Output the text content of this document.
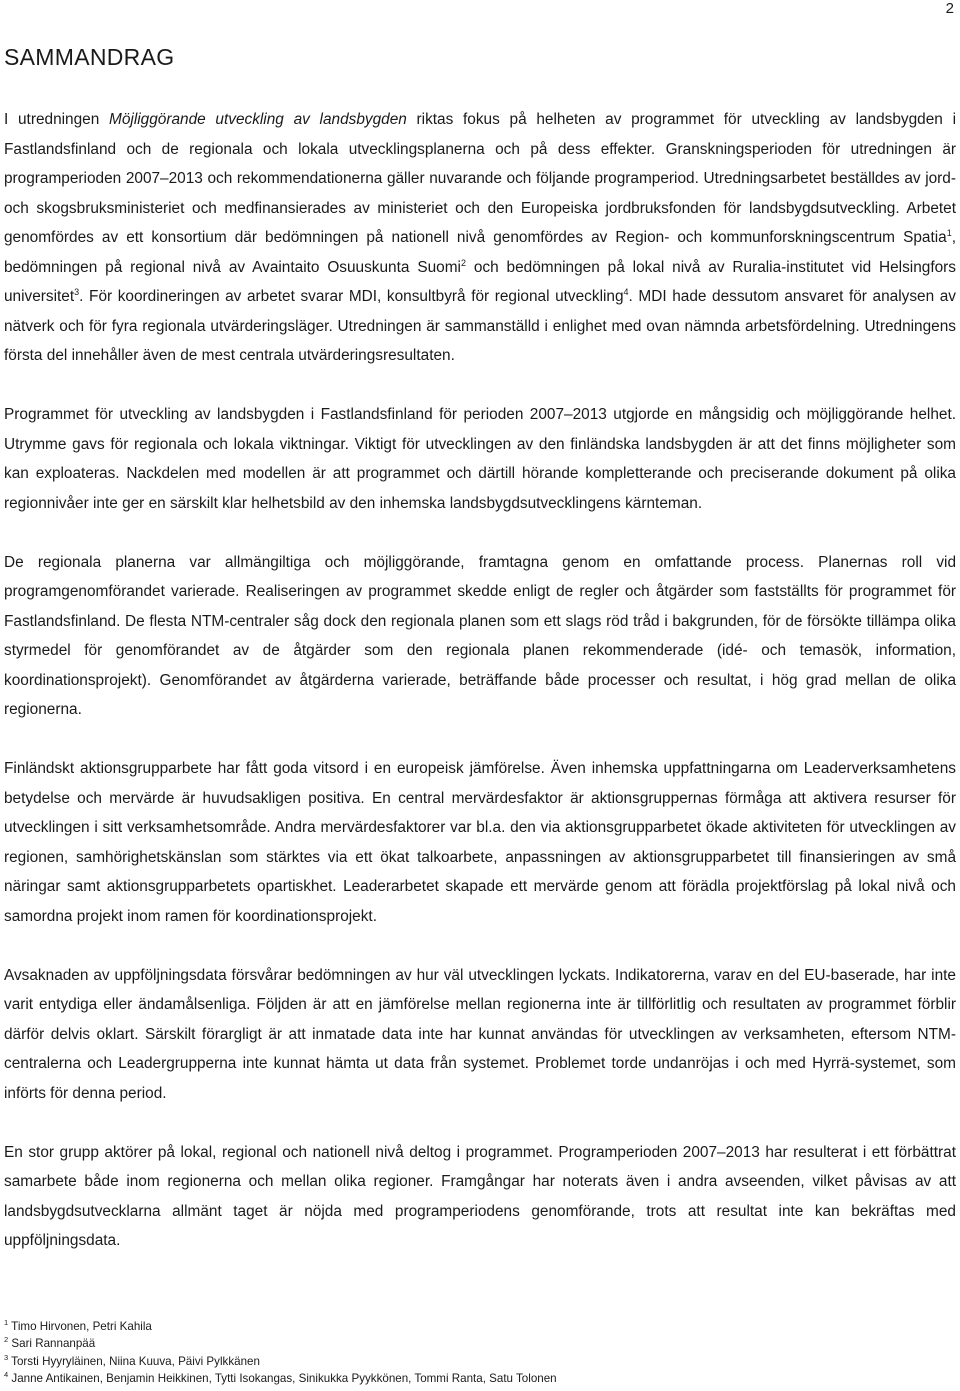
2
SAMMANDRAG

I utredningen Möjliggörande utveckling av landsbygden riktas fokus på helheten av programmet för utveckling av landsbygden i Fastlandsfinland och de regionala och lokala utvecklingsplanerna och på dess effekter. Granskningsperioden för utredningen är programperioden 2007–2013 och rekommendationerna gäller nuvarande och följande programperiod. Utredningsarbetet beställdes av jord- och skogsbruksministeriet och medfinansierades av ministeriet och den Europeiska jordbruksfonden för landsbygdsutveckling. Arbetet genomfördes av ett konsortium där bedömningen på nationell nivå genomfördes av Region- och kommunforskningscentrum Spatia$^1$, bedömningen på regional nivå av Avaintaito Osuuskunta Suomi$^2$ och bedömningen på lokal nivå av Ruralia-institutet vid Helsingfors universitet$^3$. För koordineringen av arbetet svarar MDI, konsultbyrå för regional utveckling$^4$. MDI hade dessutom ansvaret för analysen av nätverk och för fyra regionala utvärderingsläger. Utredningen är sammanställd i enlighet med ovan nämnda arbetsfördelning. Utredningens första del innehåller även de mest centrala utvärderingsresultaten.

Programmet för utveckling av landsbygden i Fastlandsfinland för perioden 2007–2013 utgjorde en mångsidig och möjliggörande helhet. Utrymme gavs för regionala och lokala viktningar. Viktigt för utvecklingen av den finländska landsbygden är att det finns möjligheter som kan exploateras. Nackdelen med modellen är att programmet och därtill hörande kompletterande och preciserande dokument på olika regionnivåer inte ger en särskilt klar helhetsbild av den inhemska landsbygdsutvecklingens kärnteman.

De regionala planerna var allmängiltiga och möjliggörande, framtagna genom en omfattande process. Planernas roll vid programgenomförandet varierade. Realiseringen av programmet skedde enligt de regler och åtgärder som fastställts för programmet för Fastlandsfinland. De flesta NTM-centraler såg dock den regionala planen som ett slags röd tråd i bakgrunden, för de försökte tillämpa olika styrmedel för genomförandet av de åtgärder som den regionala planen rekommenderade (idé- och temasök, information, koordinationsprojekt). Genomförandet av åtgärderna varierade, beträffande både processer och resultat, i hög grad mellan de olika regionerna.

Finländskt aktionsgrupparbete har fått goda vitsord i en europeisk jämförelse. Även inhemska uppfattningarna om Leaderverksamhetens betydelse och mervärde är huvudsakligen positiva. En central mervärdesfaktor är aktionsgruppernas förmåga att aktivera resurser för utvecklingen i sitt verksamhetsområde. Andra mervärdesfaktorer var bl.a. den via aktionsgrupparbetet ökade aktiviteten för utvecklingen av regionen, samhörighetskänslan som stärktes via ett ökat talkoarbete, anpassningen av aktionsgrupparbetet till finansieringen av små näringar samt aktionsgrupparbetets opartiskhet. Leaderarbetet skapade ett mervärde genom att förädla projektförslag på lokal nivå och samordna projekt inom ramen för koordinationsprojekt.

Avsaknaden av uppföljningsdata försvårar bedömningen av hur väl utvecklingen lyckats. Indikatorerna, varav en del EU-baserade, har inte varit entydiga eller ändamålsenliga. Följden är att en jämförelse mellan regionerna inte är tillförlitlig och resultaten av programmet förblir därför delvis oklart. Särskilt förargligt är att inmatade data inte har kunnat användas för utvecklingen av verksamheten, eftersom NTM-centralerna och Leadergrupperna inte kunnat hämta ut data från systemet. Problemet torde undanröjas i och med Hyrrä-systemet, som införts för denna period.

En stor grupp aktörer på lokal, regional och nationell nivå deltog i programmet. Programperioden 2007–2013 har resulterat i ett förbättrat samarbete både inom regionerna och mellan olika regioner. Framgångar har noterats även i andra avseenden, vilket påvisas av att landsbygdsutvecklarna allmänt taget är nöjda med programperiodens genomförande, trots att resultat inte kan bekräftas med uppföljningsdata.

$^1$ Timo Hirvonen, Petri Kahila

$^2$ Sari Rannanpää

$^3$ Torsti Hyyryläinen, Niina Kuuva, Päivi Pylkkänen

$^4$ Janne Antikainen, Benjamin Heikkinen, Tytti Isokangas, Sinikukka Pyykkönen, Tommi Ranta, Satu Tolonen
